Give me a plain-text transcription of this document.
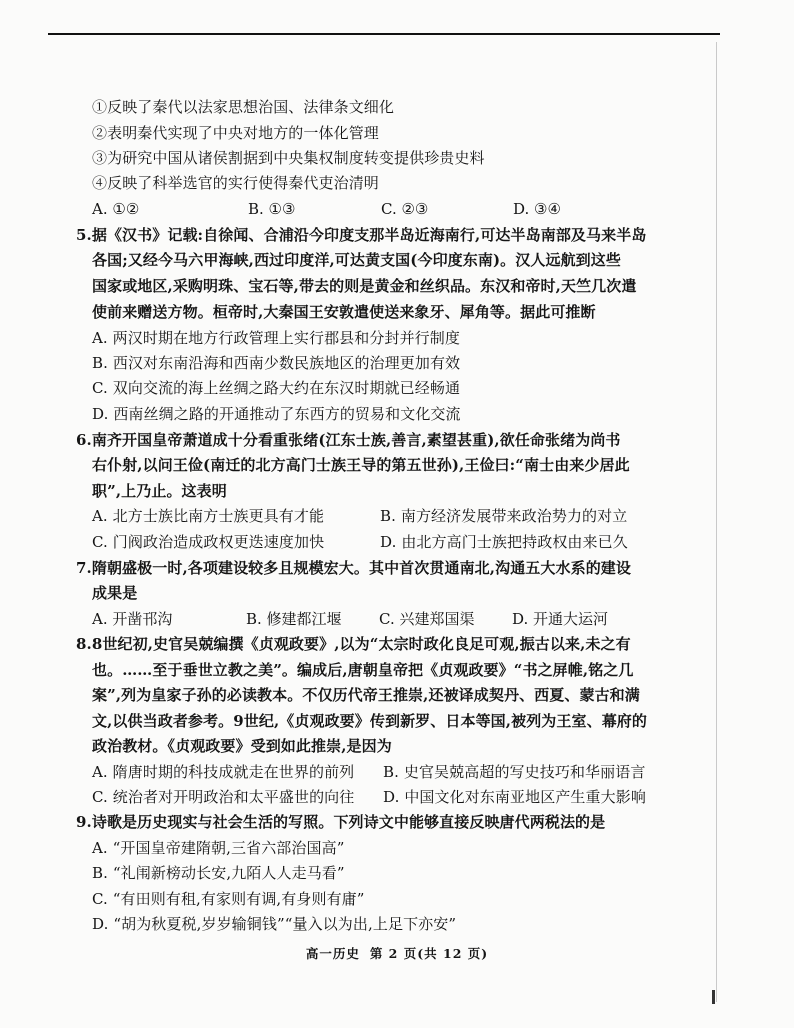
①反映了秦代以法家思想治国、法律条文细化
②表明秦代实现了中央对地方的一体化管理
③为研究中国从诸侯割据到中央集权制度转变提供珍贵史料
④反映了科举选官的实行使得秦代吏治清明
A. ①②	B. ①③	C. ②③	D. ③④
5.据《汉书》记载:自徐闻、合浦沿今印度支那半岛近海南行,可达半岛南部及马来半岛
各国;又经今马六甲海峡,西过印度洋,可达黄支国(今印度东南)。汉人远航到这些
国家或地区,采购明珠、宝石等,带去的则是黄金和丝织品。东汉和帝时,天竺几次遣
使前来赠送方物。桓帝时,大秦国王安敦遣使送来象牙、犀角等。据此可推断
A. 两汉时期在地方行政管理上实行郡县和分封并行制度
B. 西汉对东南沿海和西南少数民族地区的治理更加有效
C. 双向交流的海上丝绸之路大约在东汉时期就已经畅通
D. 西南丝绸之路的开通推动了东西方的贸易和文化交流
6.南齐开国皇帝萧道成十分看重张绪(江东士族,善言,素望甚重),欲任命张绪为尚书
右仆射,以问王俭(南迁的北方高门士族王导的第五世孙),王俭曰:“南士由来少居此
职”,上乃止。这表明
A. 北方士族比南方士族更具有才能	B. 南方经济发展带来政治势力的对立
C. 门阀政治造成政权更迭速度加快	D. 由北方高门士族把持政权由来已久
7.隋朝盛极一时,各项建设较多且规模宏大。其中首次贯通南北,沟通五大水系的建设
成果是
A. 开凿邗沟	B. 修建都江堰 C. 兴建郑国渠	D. 开通大运河
8.8世纪初,史官吴兢编撰《贞观政要》,以为“太宗时政化良足可观,振古以来,未之有
也。……至于垂世立教之美”。编成后,唐朝皇帝把《贞观政要》“书之屏帷,铭之几
案”,列为皇家子孙的必读教本。不仅历代帝王推崇,还被译成契丹、西夏、蒙古和满
文,以供当政者参考。9世纪,《贞观政要》传到新罗、日本等国,被列为王室、幕府的
政治教材。《贞观政要》受到如此推崇,是因为
A. 隋唐时期的科技成就走在世界的前列 B. 史官吴兢高超的写史技巧和华丽语言
C. 统治者对开明政治和太平盛世的向往 D. 中国文化对东南亚地区产生重大影响
9.诗歌是历史现实与社会生活的写照。下列诗文中能够直接反映唐代两税法的是
A. “开国皇帝建隋朝,三省六部治国高”
B. “礼闱新榜动长安,九陌人人走马看”
C. “有田则有租,有家则有调,有身则有庸”
D. “胡为秋夏税,岁岁输铜钱”“量入以为出,上足下亦安”
高一历史 第 2 页(共 12 页)
